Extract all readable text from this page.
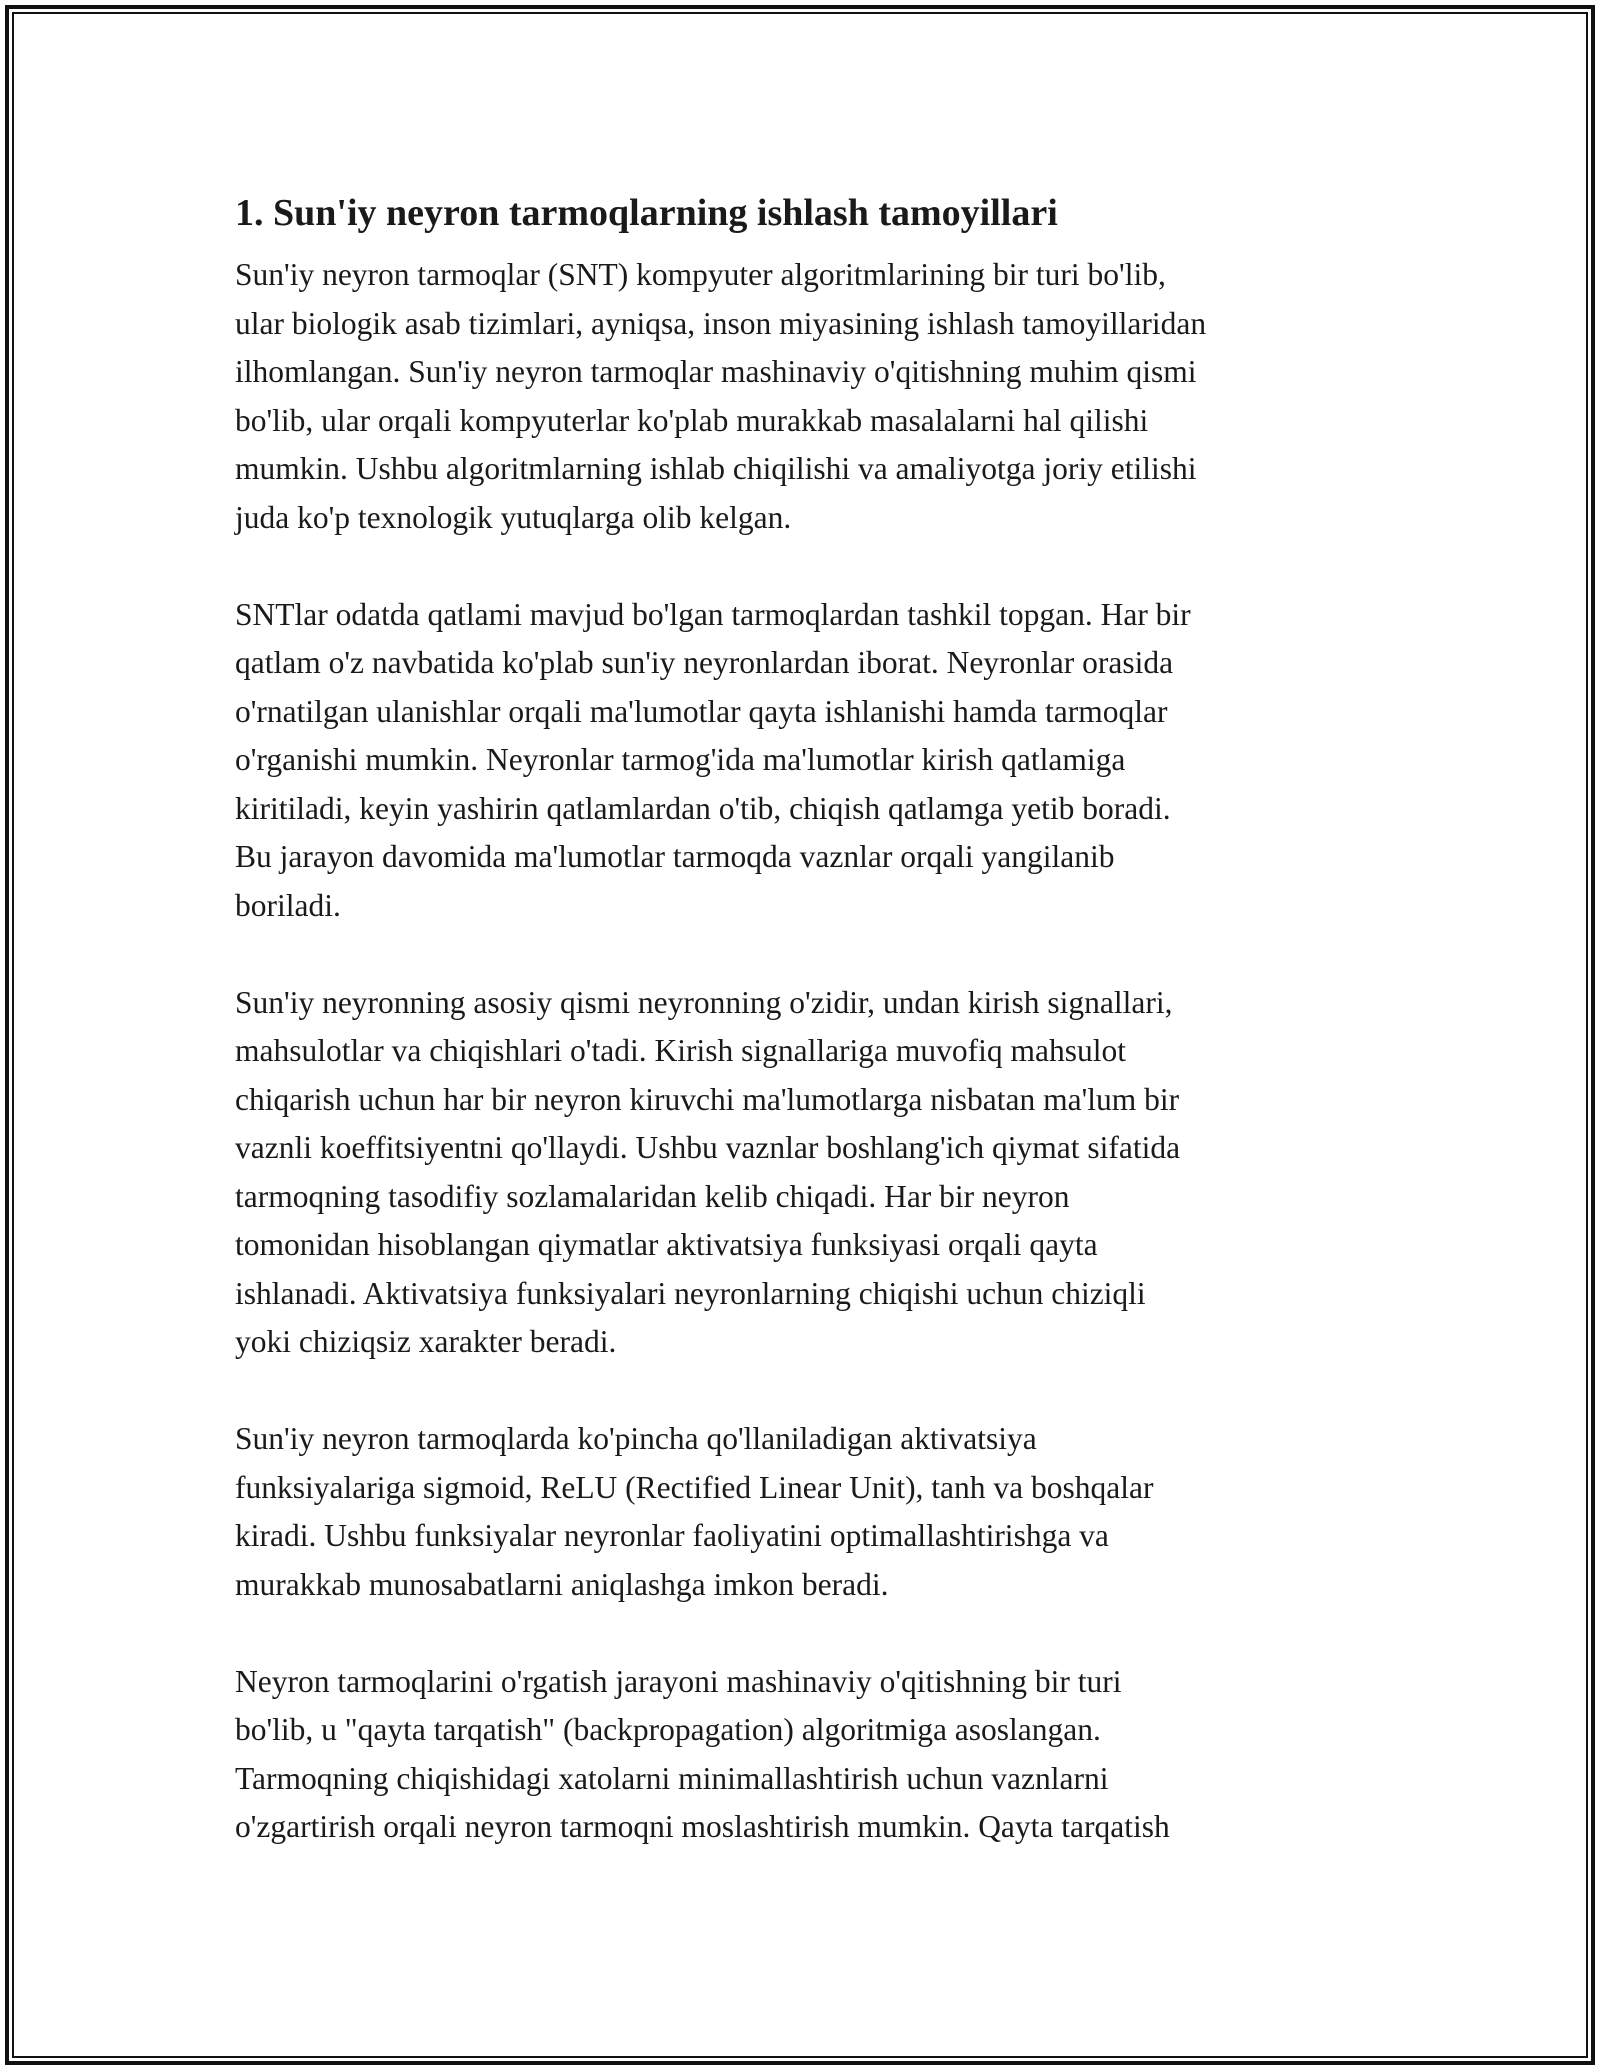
1. Sun'iy neyron tarmoqlarning ishlash tamoyillari

Sun'iy neyron tarmoqlar (SNT) kompyuter algoritmlarining bir turi bo'lib,
ular biologik asab tizimlari, ayniqsa, inson miyasining ishlash tamoyillaridan
ilhomlangan. Sun'iy neyron tarmoqlar mashinaviy o'qitishning muhim qismi
bo'lib, ular orqali kompyuterlar ko'plab murakkab masalalarni hal qilishi
mumkin. Ushbu algoritmlarning ishlab chiqilishi va amaliyotga joriy etilishi
juda ko'p texnologik yutuqlarga olib kelgan.

SNTlar odatda qatlami mavjud bo'lgan tarmoqlardan tashkil topgan. Har bir
qatlam o'z navbatida ko'plab sun'iy neyronlardan iborat. Neyronlar orasida
o'rnatilgan ulanishlar orqali ma'lumotlar qayta ishlanishi hamda tarmoqlar
o'rganishi mumkin. Neyronlar tarmog'ida ma'lumotlar kirish qatlamiga
kiritiladi, keyin yashirin qatlamlardan o'tib, chiqish qatlamga yetib boradi.
Bu jarayon davomida ma'lumotlar tarmoqda vaznlar orqali yangilanib
boriladi.

Sun'iy neyronning asosiy qismi neyronning o'zidir, undan kirish signallari,
mahsulotlar va chiqishlari o'tadi. Kirish signallariga muvofiq mahsulot
chiqarish uchun har bir neyron kiruvchi ma'lumotlarga nisbatan ma'lum bir
vaznli koeffitsiyentni qo'llaydi. Ushbu vaznlar boshlang'ich qiymat sifatida
tarmoqning tasodifiy sozlamalaridan kelib chiqadi. Har bir neyron
tomonidan hisoblangan qiymatlar aktivatsiya funksiyasi orqali qayta
ishlanadi. Aktivatsiya funksiyalari neyronlarning chiqishi uchun chiziqli
yoki chiziqsiz xarakter beradi.

Sun'iy neyron tarmoqlarda ko'pincha qo'llaniladigan aktivatsiya
funksiyalariga sigmoid, ReLU (Rectified Linear Unit), tanh va boshqalar
kiradi. Ushbu funksiyalar neyronlar faoliyatini optimallashtirishga va
murakkab munosabatlarni aniqlashga imkon beradi.

Neyron tarmoqlarini o'rgatish jarayoni mashinaviy o'qitishning bir turi
bo'lib, u "qayta tarqatish" (backpropagation) algoritmiga asoslangan.
Tarmoqning chiqishidagi xatolarni minimallashtirish uchun vaznlarni
o'zgartirish orqali neyron tarmoqni moslashtirish mumkin. Qayta tarqatish
